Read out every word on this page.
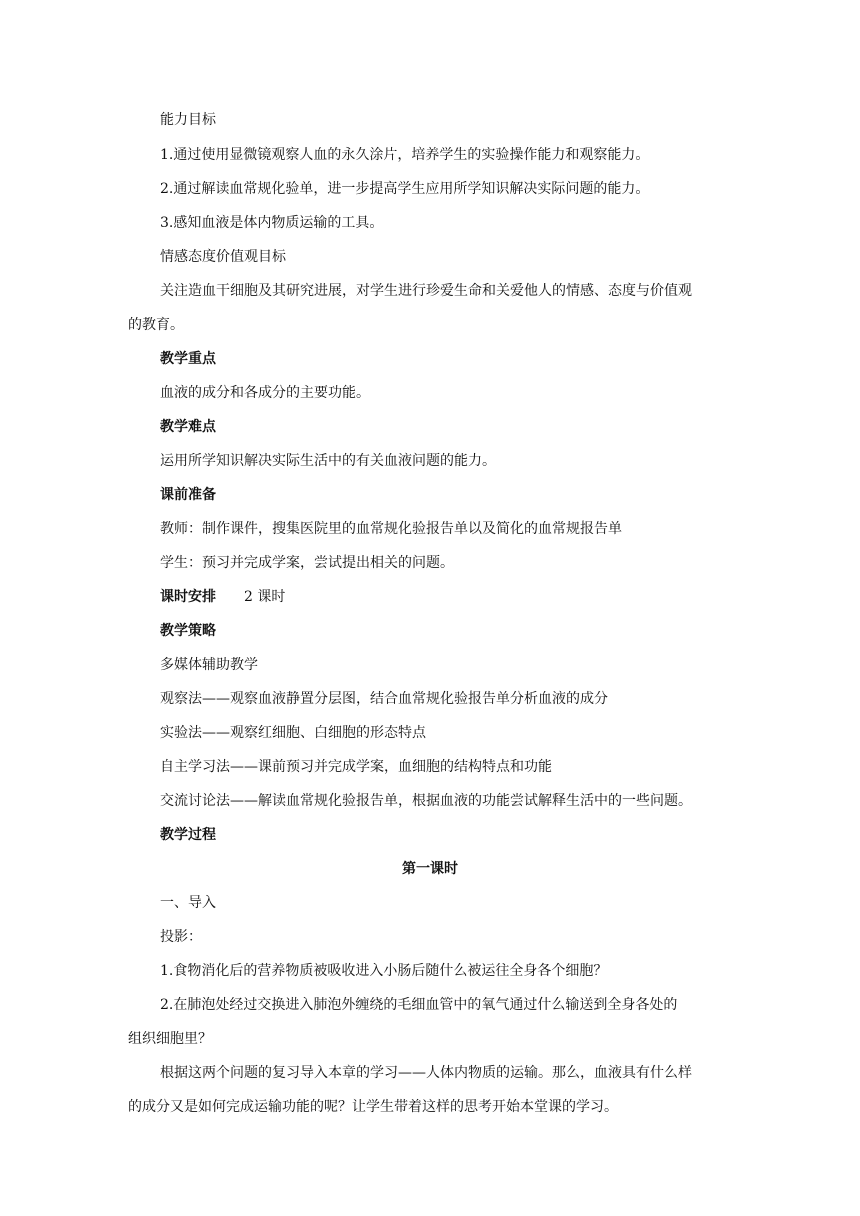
能力目标
1.通过使用显微镜观察人血的永久涂片，培养学生的实验操作能力和观察能力。
2.通过解读血常规化验单，进一步提高学生应用所学知识解决实际问题的能力。
3.感知血液是体内物质运输的工具。
情感态度价值观目标
关注造血干细胞及其研究进展，对学生进行珍爱生命和关爱他人的情感、态度与价值观
的教育。
教学重点
血液的成分和各成分的主要功能。
教学难点
运用所学知识解决实际生活中的有关血液问题的能力。
课前准备
教师：制作课件，搜集医院里的血常规化验报告单以及简化的血常规报告单
学生：预习并完成学案，尝试提出相关的问题。
课时安排 2 课时
教学策略
多媒体辅助教学
观察法——观察血液静置分层图，结合血常规化验报告单分析血液的成分
实验法——观察红细胞、白细胞的形态特点
自主学习法——课前预习并完成学案，血细胞的结构特点和功能
交流讨论法——解读血常规化验报告单，根据血液的功能尝试解释生活中的一些问题。
教学过程
第一课时
一、导入
投影：
1.食物消化后的营养物质被吸收进入小肠后随什么被运往全身各个细胞？
2.在肺泡处经过交换进入肺泡外缠绕的毛细血管中的氧气通过什么输送到全身各处的
组织细胞里？
根据这两个问题的复习导入本章的学习——人体内物质的运输。那么，血液具有什么样
的成分又是如何完成运输功能的呢？让学生带着这样的思考开始本堂课的学习。
